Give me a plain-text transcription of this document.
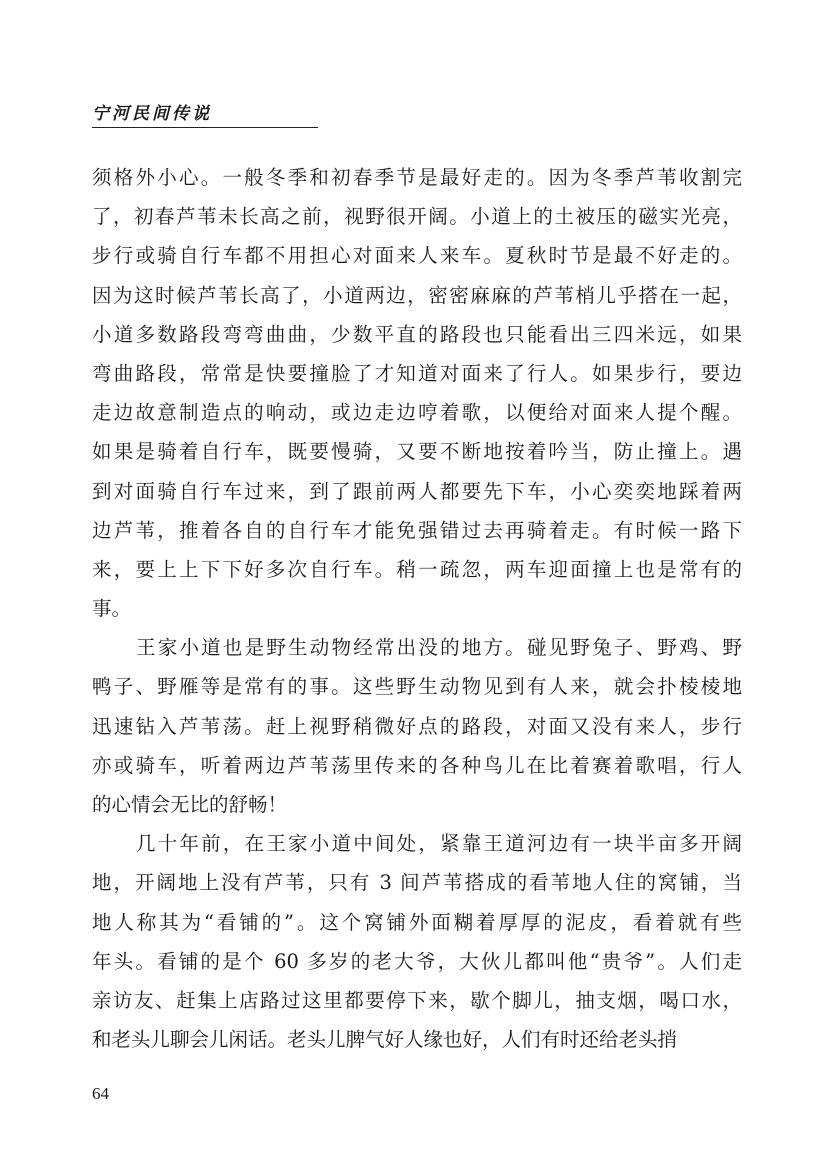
宁河民间传说
须格外小心。一般冬季和初春季节是最好走的。因为冬季芦苇收割完
了，初春芦苇未长高之前，视野很开阔。小道上的土被压的磁实光亮，
步行或骑自行车都不用担心对面来人来车。夏秋时节是最不好走的。
因为这时候芦苇长高了，小道两边，密密麻麻的芦苇梢儿乎搭在一起，
小道多数路段弯弯曲曲，少数平直的路段也只能看出三四米远，如果
弯曲路段，常常是快要撞脸了才知道对面来了行人。如果步行，要边
走边故意制造点的响动，或边走边哼着歌，以便给对面来人提个醒。
如果是骑着自行车，既要慢骑，又要不断地按着吟当，防止撞上。遇
到对面骑自行车过来，到了跟前两人都要先下车，小心奕奕地踩着两
边芦苇，推着各自的自行车才能免强错过去再骑着走。有时候一路下
来，要上上下下好多次自行车。稍一疏忽，两车迎面撞上也是常有的
事。
王家小道也是野生动物经常出没的地方。碰见野兔子、野鸡、野
鸭子、野雁等是常有的事。这些野生动物见到有人来，就会扑棱棱地
迅速钻入芦苇荡。赶上视野稍微好点的路段，对面又没有来人，步行
亦或骑车，听着两边芦苇荡里传来的各种鸟儿在比着赛着歌唱，行人
的心情会无比的舒畅！
几十年前，在王家小道中间处，紧靠王道河边有一块半亩多开阔
地，开阔地上没有芦苇，只有 3 间芦苇搭成的看苇地人住的窝铺，当
地人称其为“看铺的”。这个窝铺外面糊着厚厚的泥皮，看着就有些
年头。看铺的是个 60 多岁的老大爷，大伙儿都叫他“贵爷”。人们走
亲访友、赶集上店路过这里都要停下来，歇个脚儿，抽支烟，喝口水，
和老头儿聊会儿闲话。老头儿脾气好人缘也好，人们有时还给老头捎
64
